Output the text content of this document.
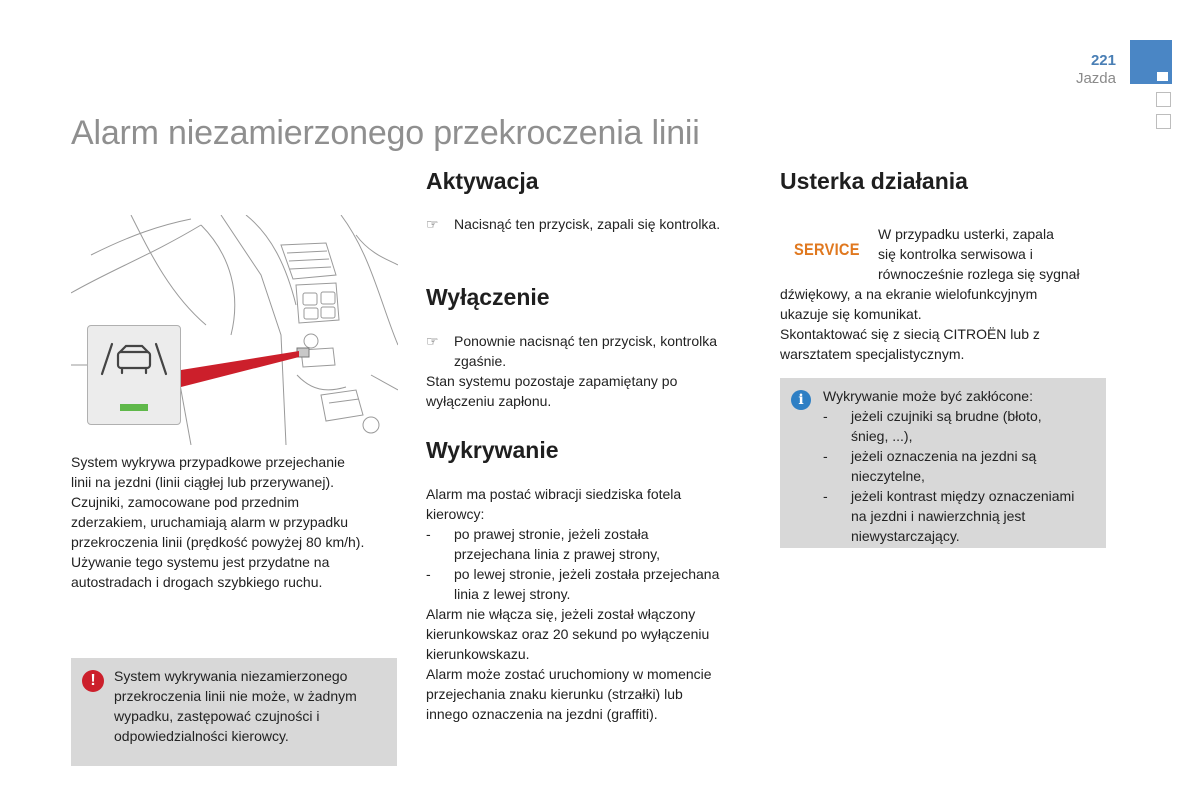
221
Jazda
Alarm niezamierzonego przekroczenia linii
System wykrywa przypadkowe przejechanie
linii na jezdni (linii ciągłej lub przerywanej).
Czujniki, zamocowane pod przednim
zderzakiem, uruchamiają alarm w przypadku
przekroczenia linii (prędkość powyżej 80 km/h).
Używanie tego systemu jest przydatne na
autostradach i drogach szybkiego ruchu.
!	System wykrywania niezamierzonego
przekroczenia linii nie może, w żadnym
wypadku, zastępować czujności i
odpowiedzialności kierowcy.
Aktywacja
☞	Nacisnąć ten przycisk, zapali się kontrolka.
Wyłączenie
☞	Ponownie nacisnąć ten przycisk, kontrolka
zgaśnie.
Stan systemu pozostaje zapamiętany po
wyłączeniu zapłonu.
Wykrywanie
Alarm ma postać wibracji siedziska fotela
kierowcy:
-	po prawej stronie, jeżeli została
przejechana linia z prawej strony,
-	po lewej stronie, jeżeli została przejechana
linia z lewej strony.
Alarm nie włącza się, jeżeli został włączony
kierunkowskaz oraz 20 sekund po wyłączeniu
kierunkowskazu.
Alarm może zostać uruchomiony w momencie
przejechania znaku kierunku (strzałki) lub
innego oznaczenia na jezdni (graffiti).
Usterka działania
SERVICE
W przypadku usterki, zapala
się kontrolka serwisowa i
równocześnie rozlega się sygnał
dźwiękowy, a na ekranie wielofunkcyjnym
ukazuje się komunikat.
Skontaktować się z siecią CITROËN lub z
warsztatem specjalistycznym.
i	Wykrywanie może być zakłócone:
-	jeżeli czujniki są brudne (błoto,
śnieg, ...),
-	jeżeli oznaczenia na jezdni są
nieczytelne,
-	jeżeli kontrast między oznaczeniami
na jezdni i nawierzchnią jest
niewystarczający.
